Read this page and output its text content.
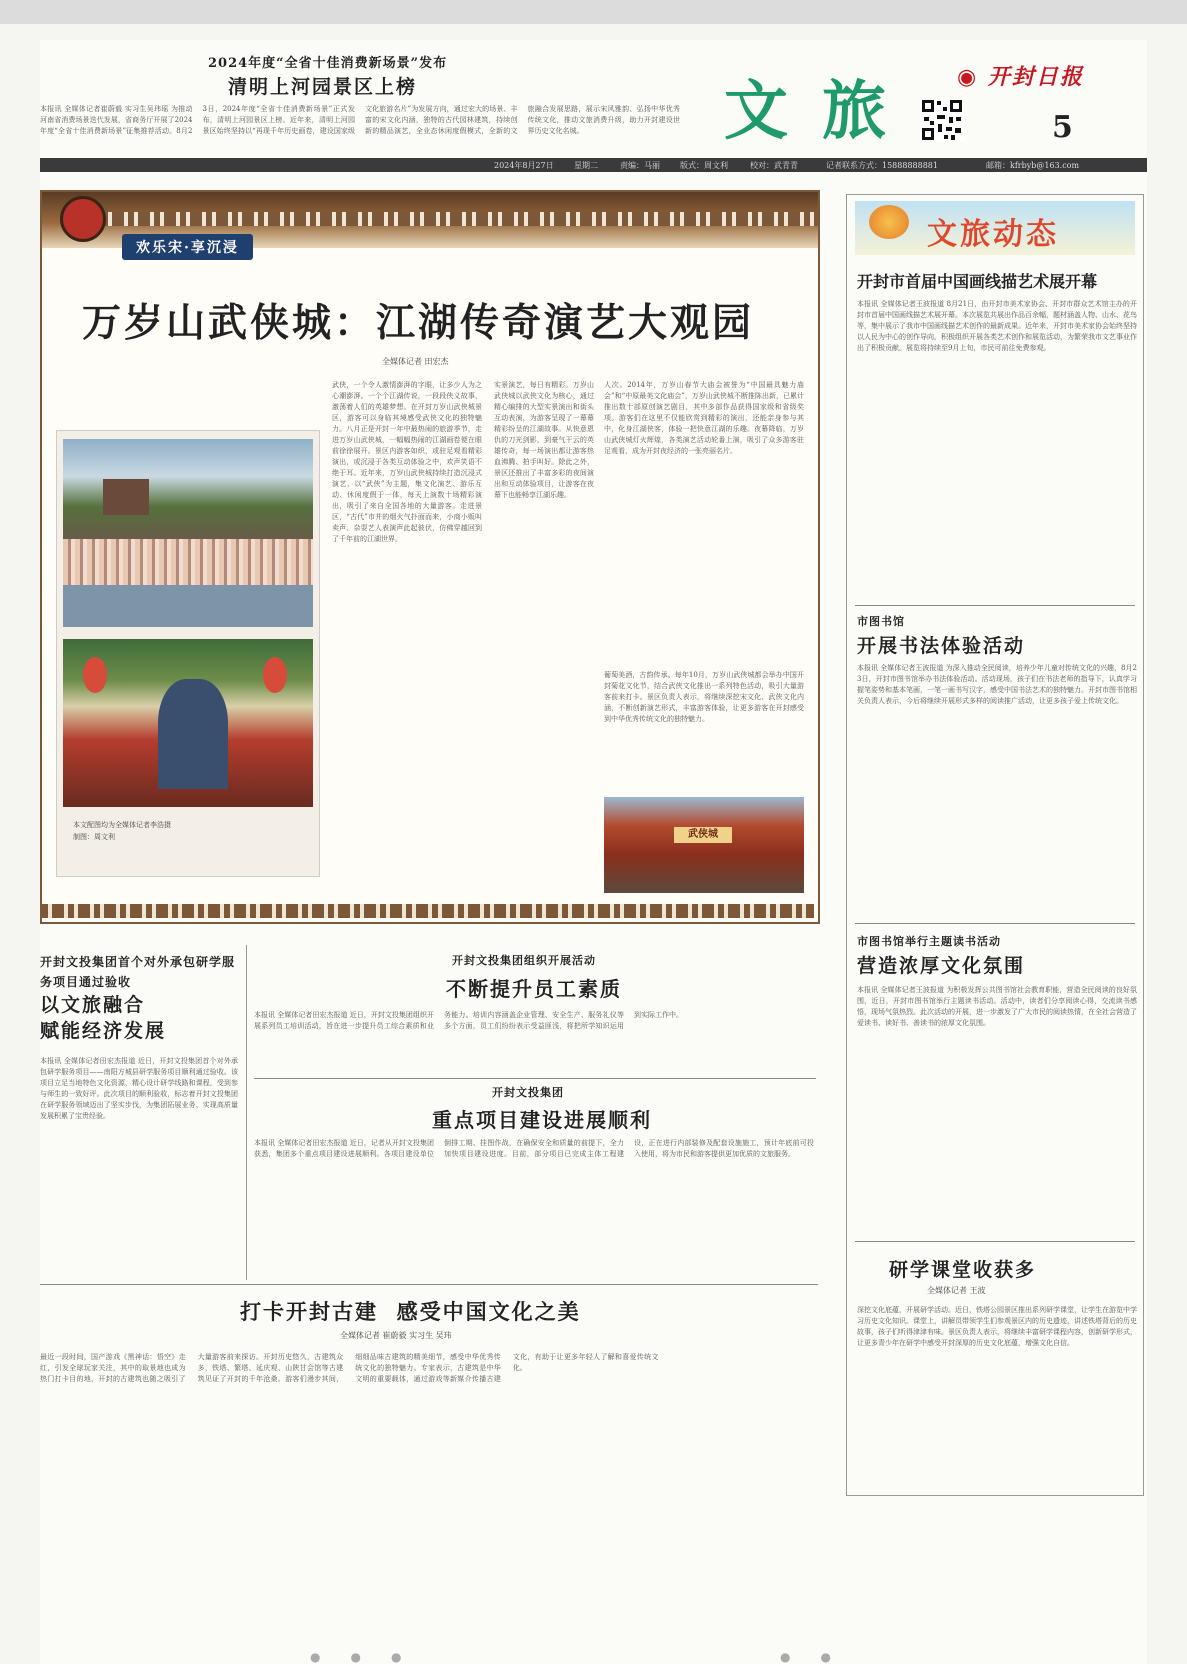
2024年度“全省十佳消费新场景”发布
清明上河园景区上榜
本报讯 全媒体记者崔蔚毅 实习生吴玮瑶 为推动河南省消费场景迭代发展，省商务厅开展了2024年度“全省十佳消费新场景”征集推荐活动。8月23日，2024年度“全省十佳消费新场景”正式发布，清明上河园景区上榜。近年来，清明上河园景区始终坚持以“再现千年历史画卷，建设国家级文化旅游名片”为发展方向，通过宏大的场景、丰富的宋文化内涵，独特的古代园林建筑，持续创新的精品演艺，全业态休闲度假模式，全新的文旅融合发展思路，展示宋风雅韵、弘扬中华优秀传统文化，推动文旅消费升级，助力开封建设世界历史文化名城。	文旅 ◉ 开封日报
5
2024年8月27日	星期二	责编：马丽	版式：周文利	校对：武青青	记者联系方式：15888888881	邮箱：kfrbyb@163.com
欢乐宋·享沉浸
万岁山武侠城：江湖传奇演艺大观园
全媒体记者 田宏杰
本文配图均为全媒体记者李浩摄
制图：周文利
武侠，一个令人激情澎湃的字眼，让多少人为之心潮澎湃。一个个江湖传说，一段段侠义故事，激荡着人们的英雄梦想。在开封万岁山武侠城景区，游客可以身临其境感受武侠文化的独特魅力。八月正是开封一年中最热闹的旅游季节，走进万岁山武侠城，一幅幅热闹的江湖画卷便在眼前徐徐展开。景区内游客如织，或驻足观看精彩演出，或沉浸于各类互动体验之中，欢声笑语不绝于耳。近年来，万岁山武侠城持续打造沉浸式演艺，以“武侠”为主题，集文化演艺、游乐互动、休闲度假于一体，每天上演数十场精彩演出，吸引了来自全国各地的大量游客。走进景区，“古代”市井的烟火气扑面而来，小商小贩叫卖声、杂耍艺人表演声此起彼伏，仿佛穿越回到了千年前的江湖世界。
人次。2014年，万岁山春节大庙会被誉为“中国最具魅力庙会”和“中原最美文化庙会”，万岁山武侠城不断推陈出新，已累计推出数十部原创演艺剧目，其中多部作品获得国家级和省级奖项。游客们在这里不仅能欣赏到精彩的演出，还能亲身参与其中，化身江湖侠客，体验一把快意江湖的乐趣。夜幕降临，万岁山武侠城灯火辉煌，各类演艺活动轮番上演，吸引了众多游客驻足观看，成为开封夜经济的一张亮丽名片。
实景演艺，每日有精彩。万岁山武侠城以武侠文化为核心，通过精心编排的大型实景演出和街头互动表演，为游客呈现了一幕幕精彩纷呈的江湖故事。从快意恩仇的刀光剑影，到豪气干云的英雄传奇，每一场演出都让游客热血沸腾、拍手叫好。除此之外，景区还推出了丰富多彩的夜间演出和互动体验项目，让游客在夜幕下也能畅享江湖乐趣。
葡萄美酒，古韵传承。每年10月，万岁山武侠城都会举办中国开封菊花文化节，结合武侠文化推出一系列特色活动，吸引大量游客前来打卡。景区负责人表示，将继续深挖宋文化、武侠文化内涵，不断创新演艺形式，丰富游客体验，让更多游客在开封感受到中华优秀传统文化的独特魅力。
武侠城
文旅动态
开封市首届中国画线描艺术展开幕
本报讯 全媒体记者王波报道 8月21日，由开封市美术家协会、开封市群众艺术馆主办的开封市首届中国画线描艺术展开幕。本次展览共展出作品百余幅，题材涵盖人物、山水、花鸟等，集中展示了我市中国画线描艺术创作的最新成果。近年来，开封市美术家协会始终坚持以人民为中心的创作导向，积极组织开展各类艺术创作和展览活动，为繁荣我市文艺事业作出了积极贡献。展览将持续至9月上旬，市民可前往免费参观。
市图书馆
开展书法体验活动
本报讯 全媒体记者王波报道 为深入推动全民阅读，培养少年儿童对传统文化的兴趣，8月23日，开封市图书馆举办书法体验活动。活动现场，孩子们在书法老师的指导下，认真学习握笔姿势和基本笔画，一笔一画书写汉字，感受中国书法艺术的独特魅力。开封市图书馆相关负责人表示，今后将继续开展形式多样的阅读推广活动，让更多孩子爱上传统文化。
市图书馆举行主题读书活动
营造浓厚文化氛围
本报讯 全媒体记者王波报道 为积极发挥公共图书馆社会教育职能，营造全民阅读的良好氛围，近日，开封市图书馆举行主题读书活动。活动中，读者们分享阅读心得，交流读书感悟，现场气氛热烈。此次活动的开展，进一步激发了广大市民的阅读热情，在全社会营造了爱读书、读好书、善读书的浓厚文化氛围。
研学课堂收获多
全媒体记者 王波
深挖文化底蕴，开展研学活动。近日，铁塔公园景区推出系列研学课堂，让学生在游览中学习历史文化知识。课堂上，讲解员带领学生们参观景区内的历史遗迹，讲述铁塔背后的历史故事，孩子们听得津津有味。景区负责人表示，将继续丰富研学课程内容，创新研学形式，让更多青少年在研学中感受开封深厚的历史文化底蕴，增强文化自信。
开封文投集团首个对外承包研学服务项目通过验收
以文旅融合
赋能经济发展
本报讯 全媒体记者田宏杰报道 近日，开封文投集团首个对外承包研学服务项目——南阳方城县研学服务项目顺利通过验收。该项目立足当地特色文化资源，精心设计研学线路和课程，受到参与师生的一致好评。此次项目的顺利验收，标志着开封文投集团在研学服务领域迈出了坚实步伐，为集团拓展业务、实现高质量发展积累了宝贵经验。
开封文投集团组织开展活动
不断提升员工素质
本报讯 全媒体记者田宏杰报道 近日，开封文投集团组织开展系列员工培训活动，旨在进一步提升员工综合素质和业务能力。培训内容涵盖企业管理、安全生产、服务礼仪等多个方面，员工们纷纷表示受益匪浅，将把所学知识运用到实际工作中。
开封文投集团
重点项目建设进展顺利
本报讯 全媒体记者田宏杰报道 近日，记者从开封文投集团获悉，集团多个重点项目建设进展顺利。各项目建设单位倒排工期、挂图作战，在确保安全和质量的前提下，全力加快项目建设进度。目前，部分项目已完成主体工程建设，正在进行内部装修及配套设施施工，预计年底前可投入使用，将为市民和游客提供更加优质的文旅服务。
打卡开封古建  感受中国文化之美
全媒体记者 崔蔚毅 实习生 吴玮
最近一段时间，国产游戏《黑神话：悟空》走红，引发全球玩家关注，其中的取景地也成为热门打卡目的地，开封的古建筑也随之吸引了大量游客前来探访。开封历史悠久，古建筑众多，铁塔、繁塔、延庆观、山陕甘会馆等古建筑见证了开封的千年沧桑。游客们漫步其间，细细品味古建筑的精美细节，感受中华优秀传统文化的独特魅力。专家表示，古建筑是中华文明的重要载体，通过游戏等新媒介传播古建文化，有助于让更多年轻人了解和喜爱传统文化。
●●●	●●
